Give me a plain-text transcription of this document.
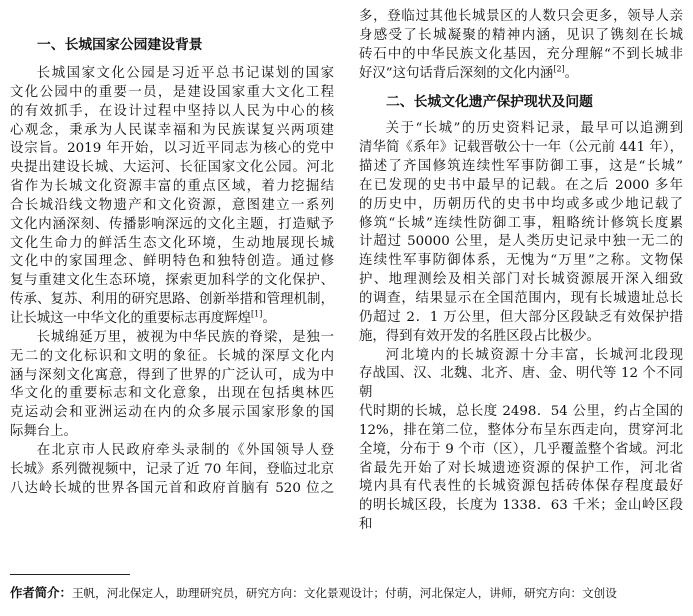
一、长城国家公园建设背景

长城国家文化公园是习近平总书记谋划的国家

文化公园中的重要一员，是建设国家重大文化工程

的有效抓手，在设计过程中坚持以人民为中心的核

心观念，秉承为人民谋幸福和为民族谋复兴两项建

设宗旨。2019 年开始，以习近平同志为核心的党中

央提出建设长城、大运河、长征国家文化公园。河北

省作为长城文化资源丰富的重点区域，着力挖掘结

合长城沿线文物遗产和文化资源，意图建立一系列

文化内涵深刻、传播影响深远的文化主题，打造赋予

文化生命力的鲜活生态文化环境，生动地展现长城

文化中的家国理念、鲜明特色和独特创造。通过修

复与重建文化生态环境，探索更加科学的文化保护、

传承、复苏、利用的研究思路、创新举措和管理机制，

让长城这一中华文化的重要标志再度辉煌[1]。

长城绵延万里，被视为中华民族的脊梁，是独一

无二的文化标识和文明的象征。长城的深厚文化内

涵与深刻文化寓意，得到了世界的广泛认可，成为中

华文化的重要标志和文化意象，出现在包括奥林匹

克运动会和亚洲运动在内的众多展示国家形象的国

际舞台上。

在北京市人民政府牵头录制的《外国领导人登

长城》系列微视频中，记录了近 70 年间，登临过北京

八达岭长城的世界各国元首和政府首脑有 520 位之

多，登临过其他长城景区的人数只会更多，领导人亲

身感受了长城凝聚的精神内涵，见识了镌刻在长城

砖石中的中华民族文化基因，充分理解“不到长城非

好汉”这句话背后深刻的文化内涵[2]。

二、长城文化遗产保护现状及问题

关于“长城”的历史资料记录，最早可以追溯到

清华简《系年》记载晋敬公十一年（公元前 441 年），

描述了齐国修筑连续性军事防御工事，这是“长城”

在已发现的史书中最早的记载。在之后 2000 多年

的历史中，历朝历代的史书中均或多或少地记载了

修筑“长城”连续性防御工事，粗略统计修筑长度累

计超过 50000 公里，是人类历史记录中独一无二的

连续性军事防御体系，无愧为“万里”之称。文物保

护、地理测绘及相关部门对长城资源展开深入细致

的调查，结果显示在全国范围内，现有长城遗址总长

仍超过 2．1 万公里，但大部分区段缺乏有效保护措

施，得到有效开发的名胜区段占比极少。

河北境内的长城资源十分丰富，长城河北段现

存战国、汉、北魏、北齐、唐、金、明代等 12 个不同朝

代时期的长城，总长度 2498．54 公里，约占全国的

12%，排在第二位，整体分布呈东西走向，贯穿河北

全境，分布于 9 个市（区），几乎覆盖整个省域。河北

省最先开始了对长城遗迹资源的保护工作，河北省

境内具有代表性的长城资源包括砖体保存程度最好

的明长城区段，长度为 1338．63 千米；金山岭区段和

作者简介：王帆，河北保定人，助理研究员，研究方向：文化景观设计；付萌，河北保定人，讲师，研究方向：文创设
